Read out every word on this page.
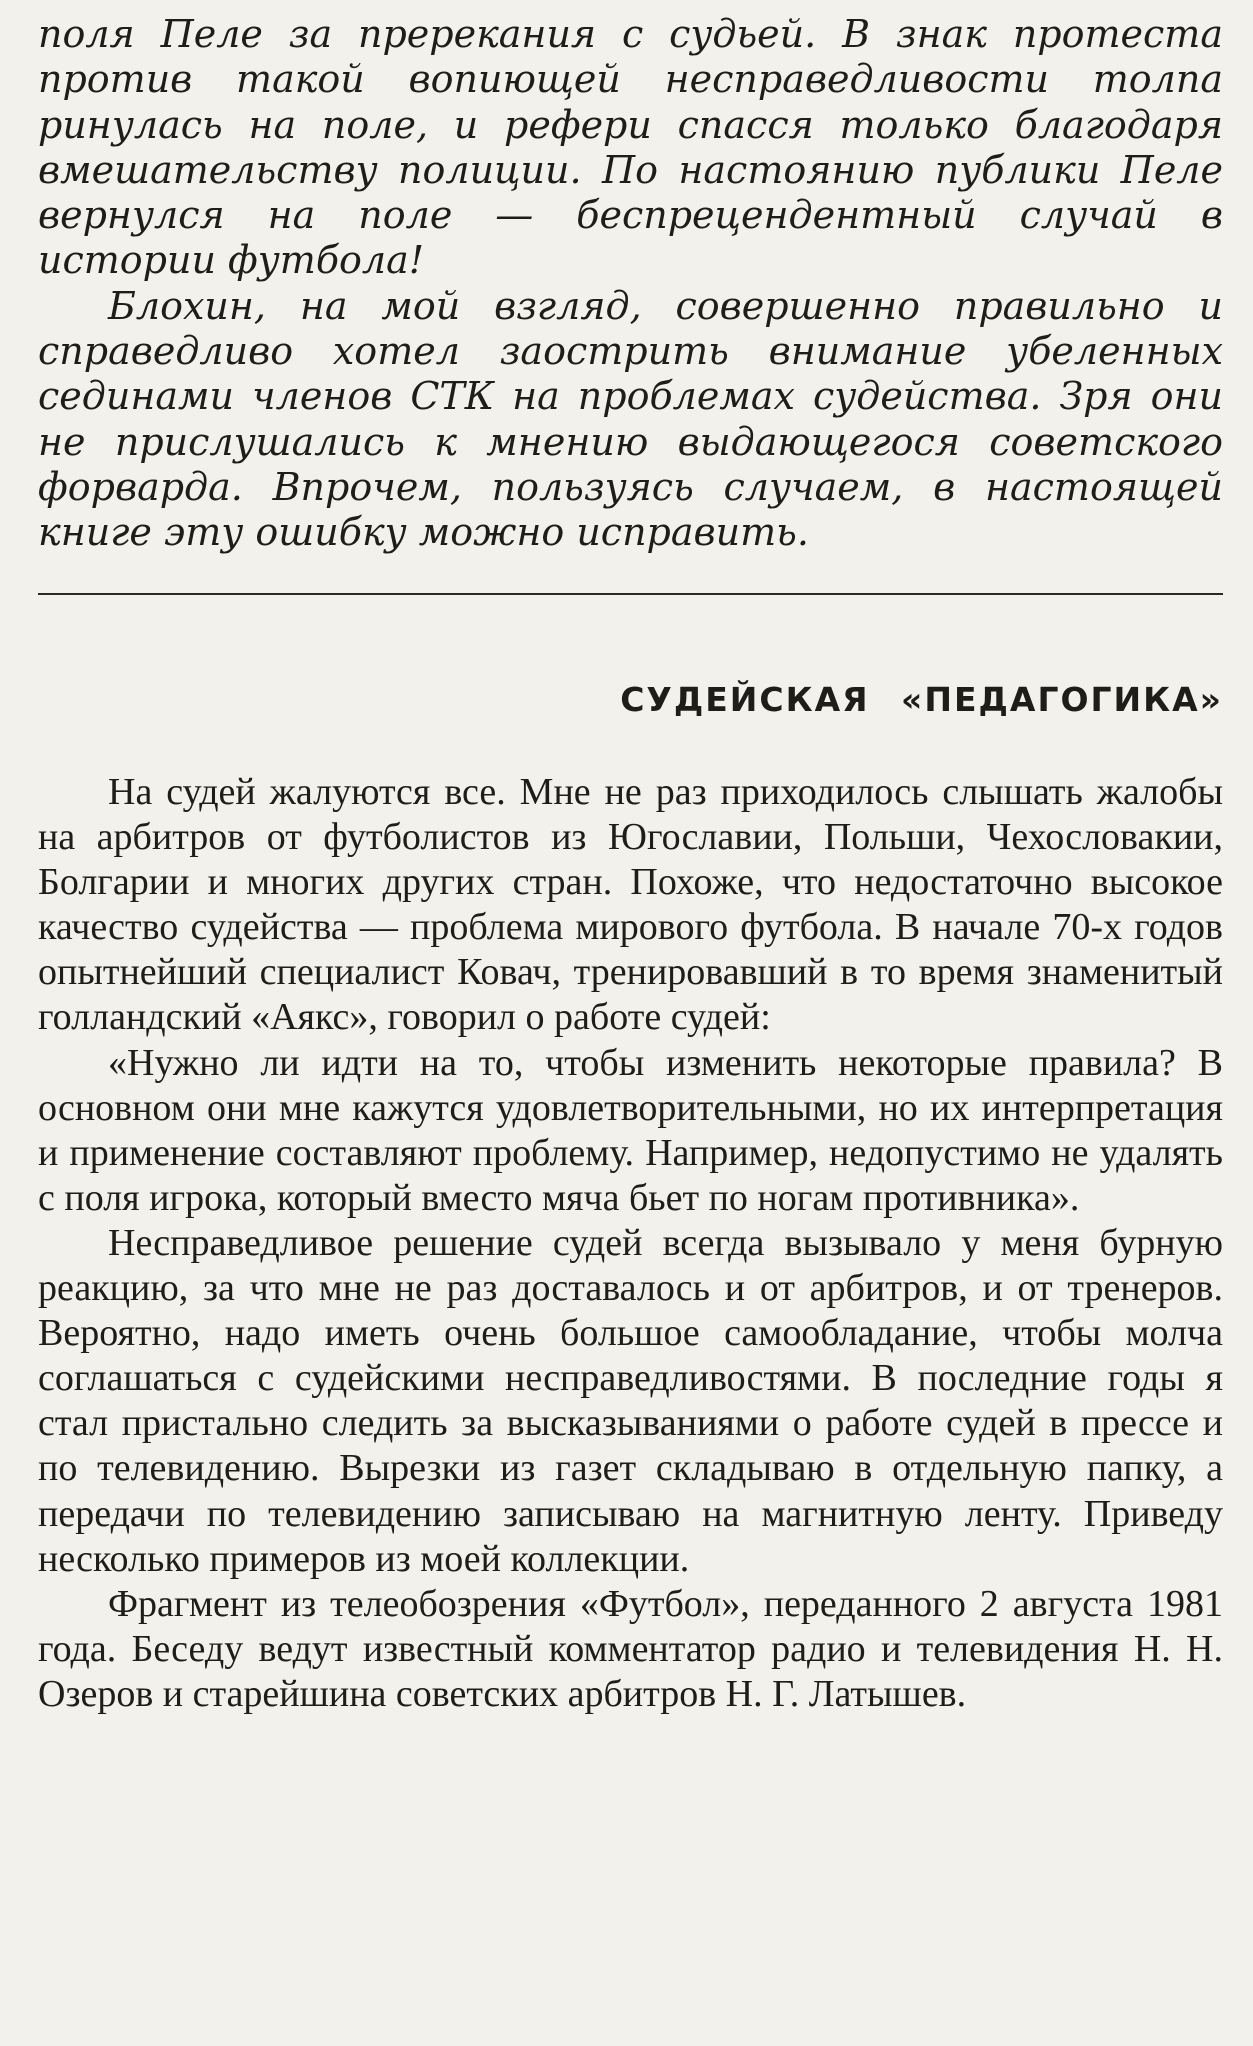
поля Пеле за пререкания с судьей. В знак протеста против такой вопиющей несправедливости толпа ринулась на поле, и рефери спасся только благодаря вмешательству полиции. По настоянию публики Пеле вернулся на поле — беспрецендентный случай в истории футбола!

Блохин, на мой взгляд, совершенно правильно и справедливо хотел заострить внимание убеленных сединами членов СТК на проблемах судейства. Зря они не прислушались к мнению выдающегося советского форварда. Впрочем, пользуясь случаем, в настоящей книге эту ошибку можно исправить.

СУДЕЙСКАЯ «ПЕДАГОГИКА»

На судей жалуются все. Мне не раз приходилось слышать жалобы на арбитров от футболистов из Югославии, Польши, Чехословакии, Болгарии и многих других стран. Похоже, что недостаточно высокое качество судейства — проблема мирового футбола. В начале 70-х годов опытнейший специалист Ковач, тренировавший в то время знаменитый голландский «Аякс», говорил о работе судей:

«Нужно ли идти на то, чтобы изменить некоторые правила? В основном они мне кажутся удовлетворительными, но их интерпретация и применение составляют проблему. Например, недопустимо не удалять с поля игрока, который вместо мяча бьет по ногам противника».

Несправедливое решение судей всегда вызывало у меня бурную реакцию, за что мне не раз доставалось и от арбитров, и от тренеров. Вероятно, надо иметь очень большое самообладание, чтобы молча соглашаться с судейскими несправедливостями. В последние годы я стал пристально следить за высказываниями о работе судей в прессе и по телевидению. Вырезки из газет складываю в отдельную папку, а передачи по телевидению записываю на магнитную ленту. Приведу несколько примеров из моей коллекции.

Фрагмент из телеобозрения «Футбол», переданного 2 августа 1981 года. Беседу ведут известный комментатор радио и телевидения Н. Н. Озеров и старейшина советских арбитров Н. Г. Латышев.
